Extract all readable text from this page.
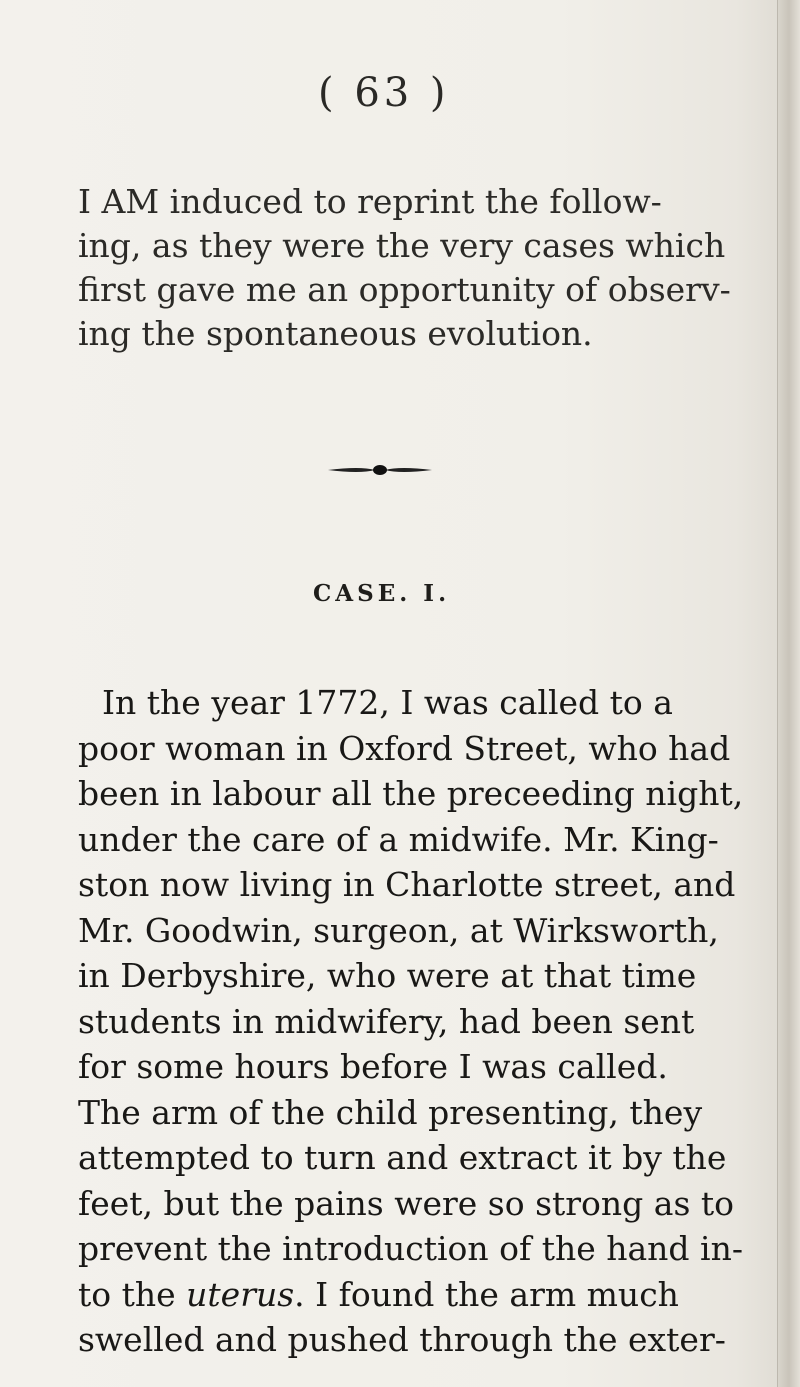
( 63 )
I AM induced to reprint the follow-
ing, as they were the very cases which
first gave me an opportunity of observ-
ing the spontaneous evolution.
CASE. I.
In the year 1772, I was called to a
poor woman in Oxford Street, who had
been in labour all the preceeding night,
under the care of a midwife. Mr. King-
ston now living in Charlotte street, and
Mr. Goodwin, surgeon, at Wirksworth,
in Derbyshire, who were at that time
students in midwifery, had been sent
for some hours before I was called.
The arm of the child presenting, they
attempted to turn and extract it by the
feet, but the pains were so strong as to
prevent the introduction of the hand in-
to the uterus. I found the arm much
swelled and pushed through the exter-
